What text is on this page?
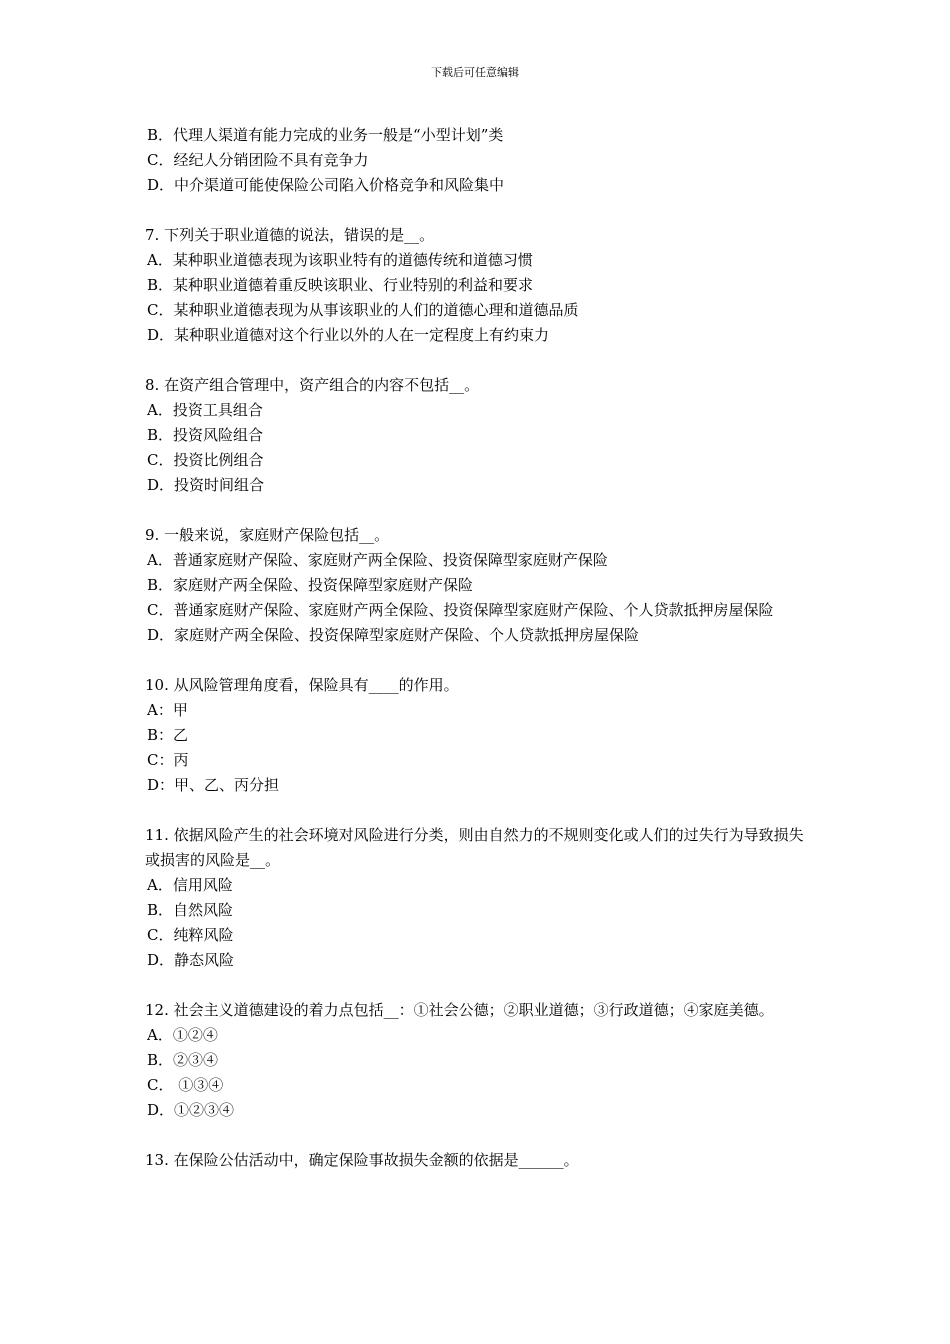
下载后可任意编辑

B．代理人渠道有能力完成的业务一般是“小型计划”类

C．经纪人分销团险不具有竞争力

D．中介渠道可能使保险公司陷入价格竞争和风险集中

7. 下列关于职业道德的说法，错误的是__。

A．某种职业道德表现为该职业特有的道德传统和道德习惯

B．某种职业道德着重反映该职业、行业特别的利益和要求

C．某种职业道德表现为从事该职业的人们的道德心理和道德品质

D．某种职业道德对这个行业以外的人在一定程度上有约束力

8. 在资产组合管理中，资产组合的内容不包括__。

A．投资工具组合

B．投资风险组合

C．投资比例组合

D．投资时间组合

9. 一般来说，家庭财产保险包括__。

A．普通家庭财产保险、家庭财产两全保险、投资保障型家庭财产保险

B．家庭财产两全保险、投资保障型家庭财产保险

C．普通家庭财产保险、家庭财产两全保险、投资保障型家庭财产保险、个人贷款抵押房屋保险

D．家庭财产两全保险、投资保障型家庭财产保险、个人贷款抵押房屋保险

10. 从风险管理角度看，保险具有____的作用。

A：甲

B：乙

C：丙

D：甲、乙、丙分担

11. 依据风险产生的社会环境对风险进行分类，则由自然力的不规则变化或人们的过失行为导致损失或损害的风险是__。

A．信用风险

B．自然风险

C．纯粹风险

D．静态风险

12. 社会主义道德建设的着力点包括__：①社会公德；②职业道德；③行政道德；④家庭美德。

A．①②④

B．②③④

C． ①③④

D．①②③④

13. 在保险公估活动中，确定保险事故损失金额的依据是______。
